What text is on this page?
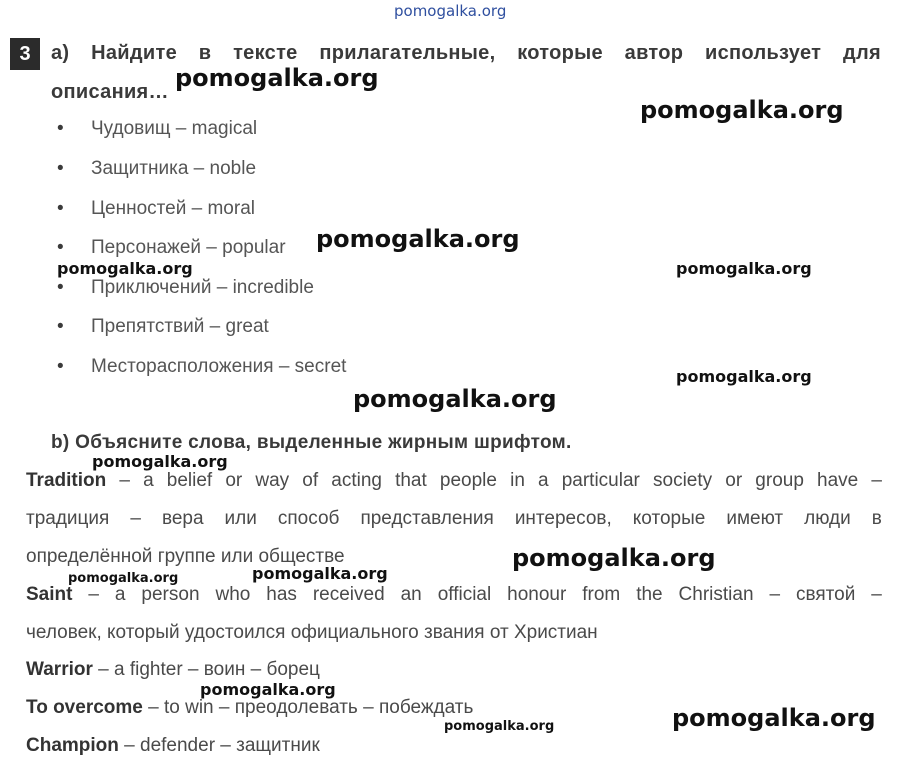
pomogalka.org
3	а) Найдите в тексте прилагательные, которые автор использует для
описания…
• Чудовищ – magical
• Защитника – noble
• Ценностей – moral
• Персонажей – popular
• Приключений – incredible
• Препятствий – great
• Месторасположения – secret
b) Объясните слова, выделенные жирным шрифтом.
Tradition – a belief or way of acting that people in a particular society or group have –
традиция – вера или способ представления интересов, которые имеют люди в
определённой группе или обществе
Saint – a person who has received an official honour from the Christian – святой –
человек, который удостоился официального звания от Христиан
Warrior – a fighter – воин – борец
To overcome – to win – преодолевать – побеждать
Champion – defender – защитник
pomogalka.org
pomogalka.org
pomogalka.org
pomogalka.org	pomogalka.org
pomogalka.org
pomogalka.org
pomogalka.org
pomogalka.org
pomogalka.org	pomogalka.org
pomogalka.org
pomogalka.org
pomogalka.org
